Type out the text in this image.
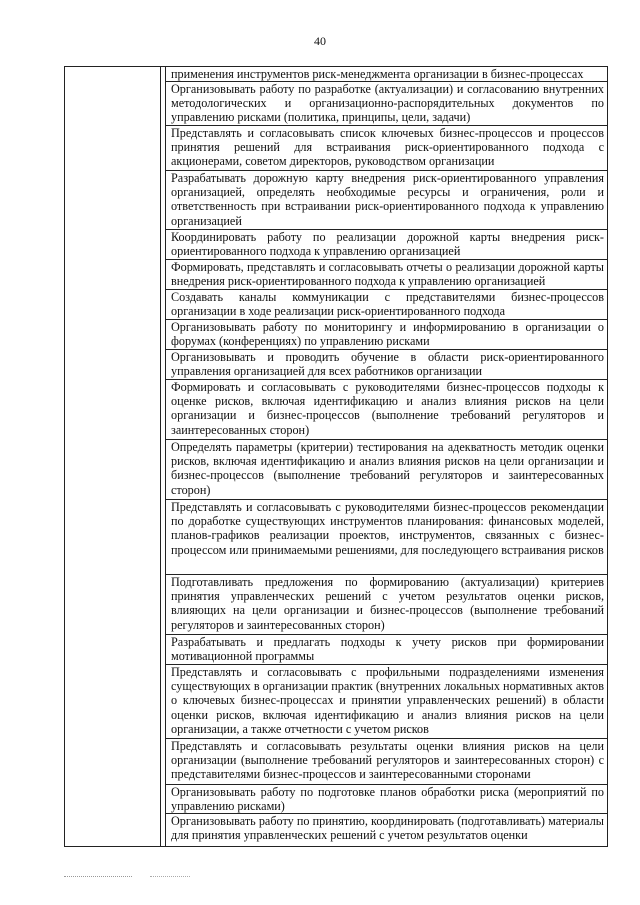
40
применения инструментов риск-менеджмента организации в бизнес-процессах
Организовывать работу по разработке (актуализации) и согласованию внутренних методологических и организационно-распорядительных документов по управлению рисками (политика, принципы, цели, задачи)
Представлять и согласовывать список ключевых бизнес-процессов и процессов принятия решений для встраивания риск-ориентированного подхода с акционерами, советом директоров, руководством организации
Разрабатывать дорожную карту внедрения риск-ориентированного управления организацией, определять необходимые ресурсы и ограничения, роли и ответственность при встраивании риск-ориентированного подхода к управлению организацией
Координировать работу по реализации дорожной карты внедрения риск-ориентированного подхода к управлению организацией
Формировать, представлять и согласовывать отчеты о реализации дорожной карты внедрения риск-ориентированного подхода к управлению организацией
Создавать каналы коммуникации с представителями бизнес-процессов организации в ходе реализации риск-ориентированного подхода
Организовывать работу по мониторингу и информированию в организации о форумах (конференциях) по управлению рисками
Организовывать и проводить обучение в области риск-ориентированного управления организацией для всех работников организации
Формировать и согласовывать с руководителями бизнес-процессов подходы к оценке рисков, включая идентификацию и анализ влияния рисков на цели организации и бизнес-процессов (выполнение требований регуляторов и заинтересованных сторон)
Определять параметры (критерии) тестирования на адекватность методик оценки рисков, включая идентификацию и анализ влияния рисков на цели организации и бизнес-процессов (выполнение требований регуляторов и заинтересованных сторон)
Представлять и согласовывать с руководителями бизнес-процессов рекомендации по доработке существующих инструментов планирования: финансовых моделей, планов-графиков реализации проектов, инструментов, связанных с бизнес-процессом или принимаемыми решениями, для последующего встраивания рисков
Подготавливать предложения по формированию (актуализации) критериев принятия управленческих решений с учетом результатов оценки рисков, влияющих на цели организации и бизнес-процессов (выполнение требований регуляторов и заинтересованных сторон)
Разрабатывать и предлагать подходы к учету рисков при формировании мотивационной программы
Представлять и согласовывать с профильными подразделениями изменения существующих в организации практик (внутренних локальных нормативных актов о ключевых бизнес-процессах и принятии управленческих решений) в области оценки рисков, включая идентификацию и анализ влияния рисков на цели организации, а также отчетности с учетом рисков
Представлять и согласовывать результаты оценки влияния рисков на цели организации (выполнение требований регуляторов и заинтересованных сторон) с представителями бизнес-процессов и заинтересованными сторонами
Организовывать работу по подготовке планов обработки риска (мероприятий по управлению рисками)
Организовывать работу по принятию, координировать (подготавливать) материалы для принятия управленческих решений с учетом результатов оценки
